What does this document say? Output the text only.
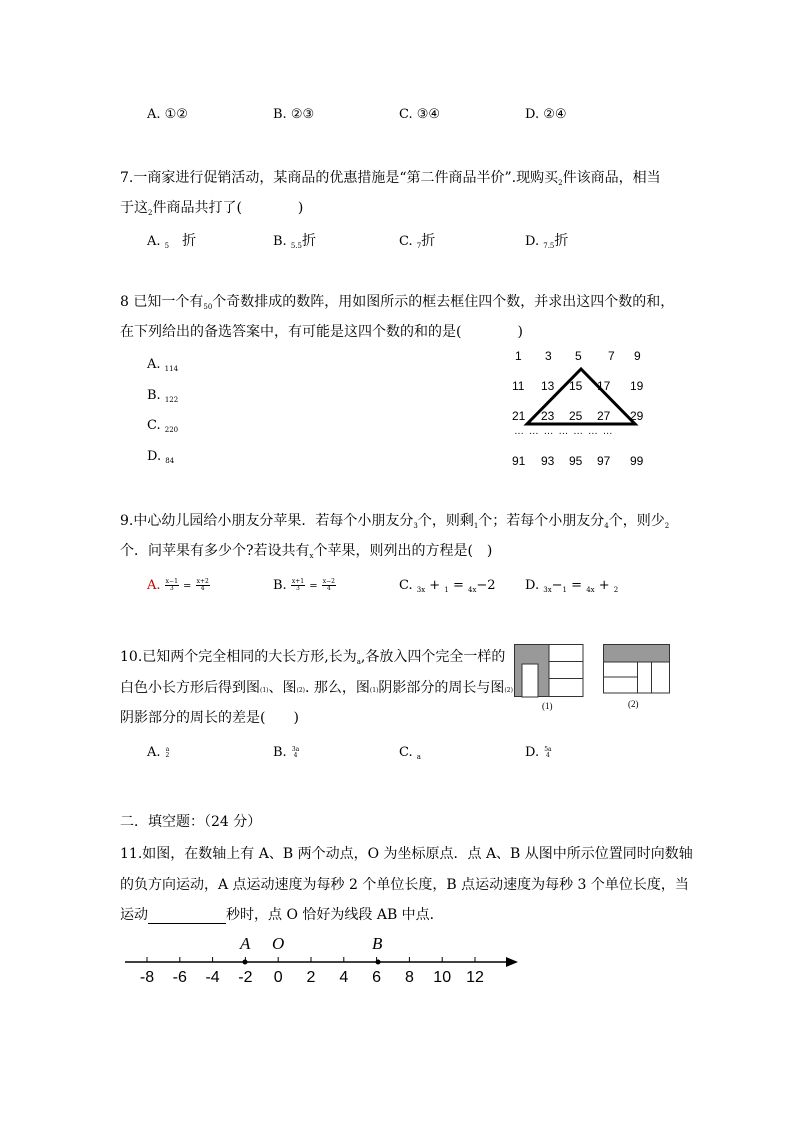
A. ①②	B. ②③	C. ③④	D. ②④
7.一商家进行促销活动，某商品的优惠措施是“第二件商品半价”.现购买$_2$件该商品，相当
于这$_2$件商品共打了(　　　　)
A. $_5$　 折	B. $_{5.5}$折	C. $_7$折	D. $_{7.5}$折
8 已知一个有$_{50}$个奇数排成的数阵，用如图所示的框去框住四个数，并求出这四个数的和，
在下列给出的备选答案中，有可能是这四个数的和的是(　　　　)
A. $_{114}$
B. $_{122}$
C. $_{220}$
D. $_{84}$
1 3 5 7 9
11 13 15 17 19
21 23 25 27 29
… … … … … … …
91 93 95 97 99
9.中心幼儿园给小朋友分苹果．若每个小朋友分$_3$个，则剩$_1$个；若每个小朋友分$_4$个，则少$_2$
个．问苹果有多少个?若设共有$_x$个苹果，则列出的方程是(　)
A. $\frac{x-1}{3} = \frac{x+2}{4}$	B. $\frac{x+1}{3} = \frac{x-2}{4}$	C. $_{3x}$ + $_1$ = $_{4x}$−2 D. $_{3x}-_1 = _{4x} + _2$
10.已知两个完全相同的大长方形,长为$_a$,各放入四个完全一样的
白色小长方形后得到图(1)、图(2). 那么，图(1)阴影部分的周长与图(2)
阴影部分的周长的差是(　　)
(1)	(2)
A. a
2	B. 3a
4	C. $_a$	D. 5a
4
二．填空题：（24 分）
11.如图，在数轴上有 A、B 两个动点，O 为坐标原点．点 A、B 从图中所示位置同时向数轴
的负方向运动，A 点运动速度为每秒 2 个单位长度，B 点运动速度为每秒 3 个单位长度，当
运动	秒时，点 O 恰好为线段 AB 中点．
-8 -6 -4 -2 0 2 4 6 8 10 12
A O	B
